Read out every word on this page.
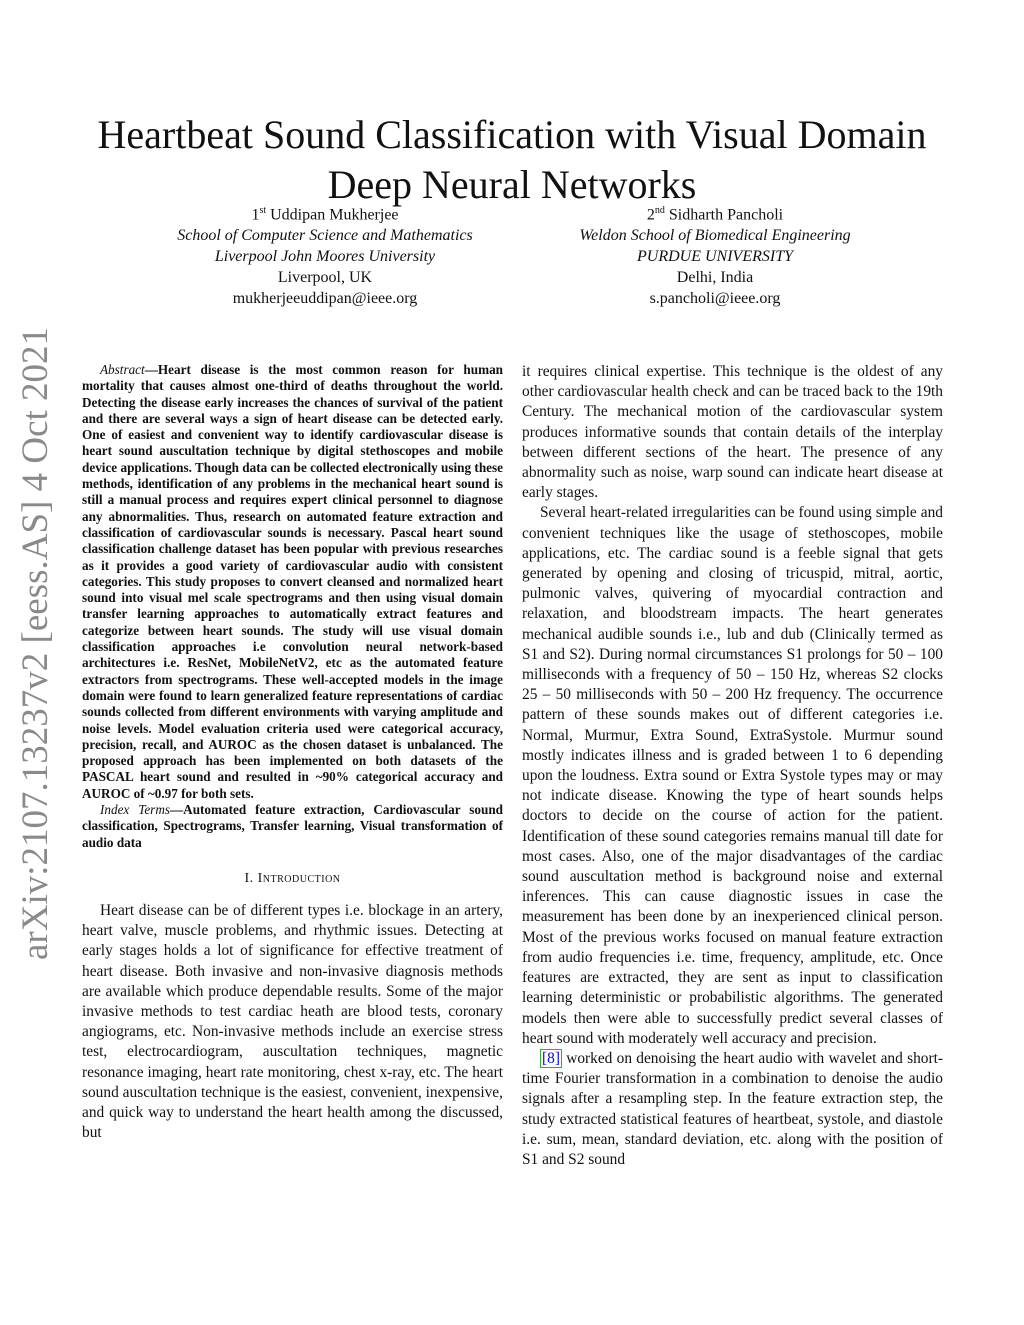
arXiv:2107.13237v2 [eess.AS] 4 Oct 2021
Heartbeat Sound Classification with Visual Domain Deep Neural Networks
1st Uddipan Mukherjee
School of Computer Science and Mathematics
Liverpool John Moores University
Liverpool, UK
mukherjeeuddipan@ieee.org
2nd Sidharth Pancholi
Weldon School of Biomedical Engineering
PURDUE UNIVERSITY
Delhi, India
s.pancholi@ieee.org

Abstract—Heart disease is the most common reason for human mortality that causes almost one-third of deaths throughout the world. Detecting the disease early increases the chances of survival of the patient and there are several ways a sign of heart disease can be detected early. One of easiest and convenient way to identify cardiovascular disease is heart sound auscultation technique by digital stethoscopes and mobile device applications. Though data can be collected electronically using these methods, identification of any problems in the mechanical heart sound is still a manual process and requires expert clinical personnel to diagnose any abnormalities. Thus, research on automated feature extraction and classification of cardiovascular sounds is necessary. Pascal heart sound classification challenge dataset has been popular with previous researches as it provides a good variety of cardiovascular audio with consistent categories. This study proposes to convert cleansed and normalized heart sound into visual mel scale spectrograms and then using visual domain transfer learning approaches to automatically extract features and categorize between heart sounds. The study will use visual domain classification approaches i.e convolution neural network-based architectures i.e. ResNet, MobileNetV2, etc as the automated feature extractors from spectrograms. These well-accepted models in the image domain were found to learn generalized feature representations of cardiac sounds collected from different environments with varying amplitude and noise levels. Model evaluation criteria used were categorical accuracy, precision, recall, and AUROC as the chosen dataset is unbalanced. The proposed approach has been implemented on both datasets of the PASCAL heart sound and resulted in ~90% categorical accuracy and AUROC of ~0.97 for both sets.

Index Terms—Automated feature extraction, Cardiovascular sound classification, Spectrograms, Transfer learning, Visual transformation of audio data

I. Introduction

Heart disease can be of different types i.e. blockage in an artery, heart valve, muscle problems, and rhythmic issues. Detecting at early stages holds a lot of significance for effective treatment of heart disease. Both invasive and non-invasive diagnosis methods are available which produce dependable results. Some of the major invasive methods to test cardiac heath are blood tests, coronary angiograms, etc. Non-invasive methods include an exercise stress test, electrocardiogram, auscultation techniques, magnetic resonance imaging, heart rate monitoring, chest x-ray, etc. The heart sound auscultation technique is the easiest, convenient, inexpensive, and quick way to understand the heart health among the discussed, but

it requires clinical expertise. This technique is the oldest of any other cardiovascular health check and can be traced back to the 19th Century. The mechanical motion of the cardiovascular system produces informative sounds that contain details of the interplay between different sections of the heart. The presence of any abnormality such as noise, warp sound can indicate heart disease at early stages.

Several heart-related irregularities can be found using simple and convenient techniques like the usage of stethoscopes, mobile applications, etc. The cardiac sound is a feeble signal that gets generated by opening and closing of tricuspid, mitral, aortic, pulmonic valves, quivering of myocardial contraction and relaxation, and bloodstream impacts. The heart generates mechanical audible sounds i.e., lub and dub (Clinically termed as S1 and S2). During normal circumstances S1 prolongs for 50 – 100 milliseconds with a frequency of 50 – 150 Hz, whereas S2 clocks 25 – 50 milliseconds with 50 – 200 Hz frequency. The occurrence pattern of these sounds makes out of different categories i.e. Normal, Murmur, Extra Sound, ExtraSystole. Murmur sound mostly indicates illness and is graded between 1 to 6 depending upon the loudness. Extra sound or Extra Systole types may or may not indicate disease. Knowing the type of heart sounds helps doctors to decide on the course of action for the patient. Identification of these sound categories remains manual till date for most cases. Also, one of the major disadvantages of the cardiac sound auscultation method is background noise and external inferences. This can cause diagnostic issues in case the measurement has been done by an inexperienced clinical person. Most of the previous works focused on manual feature extraction from audio frequencies i.e. time, frequency, amplitude, etc. Once features are extracted, they are sent as input to classification learning deterministic or probabilistic algorithms. The generated models then were able to successfully predict several classes of heart sound with moderately well accuracy and precision.

[8] worked on denoising the heart audio with wavelet and short-time Fourier transformation in a combination to denoise the audio signals after a resampling step. In the feature extraction step, the study extracted statistical features of heartbeat, systole, and diastole i.e. sum, mean, standard deviation, etc. along with the position of S1 and S2 sound
